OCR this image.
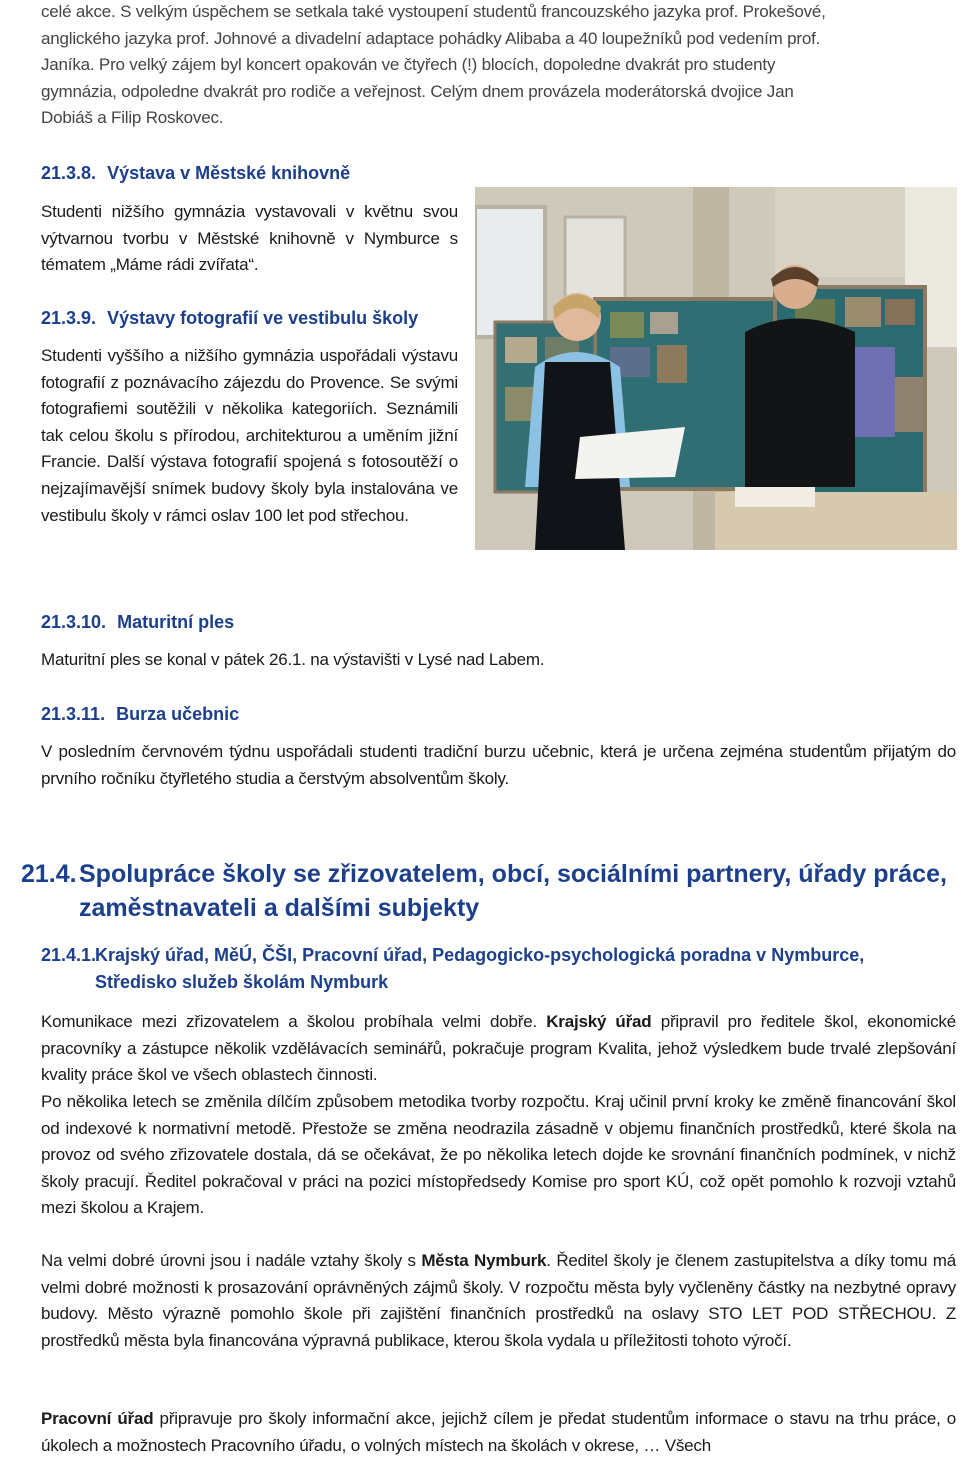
celé akce. S velkým úspěchem se setkala také vystoupení studentů francouzského jazyka prof. Prokešové,

anglického jazyka prof. Johnové a divadelní adaptace pohádky Alibaba a 40 loupežníků pod vedením prof.

Janíka. Pro velký zájem byl koncert opakován ve čtyřech (!) blocích, dopoledne dvakrát pro studenty

gymnázia, odpoledne dvakrát pro rodiče a veřejnost. Celým dnem provázela moderátorská dvojice Jan

Dobiáš a Filip Roskovec.

21.3.8. Výstava v Městské knihovně

Studenti nižšího gymnázia vystavovali v květnu svou výtvarnou tvorbu v Městské knihovně v Nymburce s tématem „Máme rádi zvířata“.

21.3.9. Výstavy fotografií ve vestibulu školy

Studenti vyššího a nižšího gymnázia uspořádali výstavu fotografií z poznávacího zájezdu do Provence. Se svými fotografiemi soutěžili v několika kategoriích. Seznámili tak celou školu s přírodou, architekturou a uměním jižní Francie. Další výstava fotografií spojená s fotosoutěží o nejzajímavější snímek budovy školy byla instalována ve vestibulu školy v rámci oslav 100 let pod střechou.

21.3.10. Maturitní ples

Maturitní ples se konal v pátek 26.1. na výstavišti v Lysé nad Labem.

21.3.11. Burza učebnic

V posledním červnovém týdnu uspořádali studenti tradiční burzu učebnic, která je určena zejména studentům přijatým do prvního ročníku čtyřletého studia a čerstvým absolventům školy.

21.4. Spolupráce školy se zřizovatelem, obcí, sociálními partnery, úřady práce, zaměstnavateli a dalšími subjekty
21.4.1.
Krajský úřad, MěÚ, ČŠI, Pracovní úřad, Pedagogicko-psychologická poradna v Nymburce,
Středisko služeb školám Nymburk

Komunikace mezi zřizovatelem a školou probíhala velmi dobře. Krajský úřad připravil pro ředitele škol, ekonomické pracovníky a zástupce několik vzdělávacích seminářů, pokračuje program Kvalita, jehož výsledkem bude trvalé zlepšování kvality práce škol ve všech oblastech činnosti.

Po několika letech se změnila dílčím způsobem metodika tvorby rozpočtu. Kraj učinil první kroky ke změně financování škol od indexové k normativní metodě. Přestože se změna neodrazila zásadně v objemu finančních prostředků, které škola na provoz od svého zřizovatele dostala, dá se očekávat, že po několika letech dojde ke srovnání finančních podmínek, v nichž školy pracují. Ředitel pokračoval v práci na pozici místopředsedy Komise pro sport KÚ, což opět pomohlo k rozvoji vztahů mezi školou a Krajem.

Na velmi dobré úrovni jsou i nadále vztahy školy s Města Nymburk. Ředitel školy je členem zastupitelstva a díky tomu má velmi dobré možnosti k prosazování oprávněných zájmů školy. V rozpočtu města byly vyčleněny částky na nezbytné opravy budovy. Město výrazně pomohlo škole při zajištění finančních prostředků na oslavy STO LET POD STŘECHOU. Z prostředků města byla financována výpravná publikace, kterou škola vydala u příležitosti tohoto výročí.

Pracovní úřad připravuje pro školy informační akce, jejichž cílem je předat studentům informace o stavu na trhu práce, o úkolech a možnostech Pracovního úřadu, o volných místech na školách v okrese, … Všech
